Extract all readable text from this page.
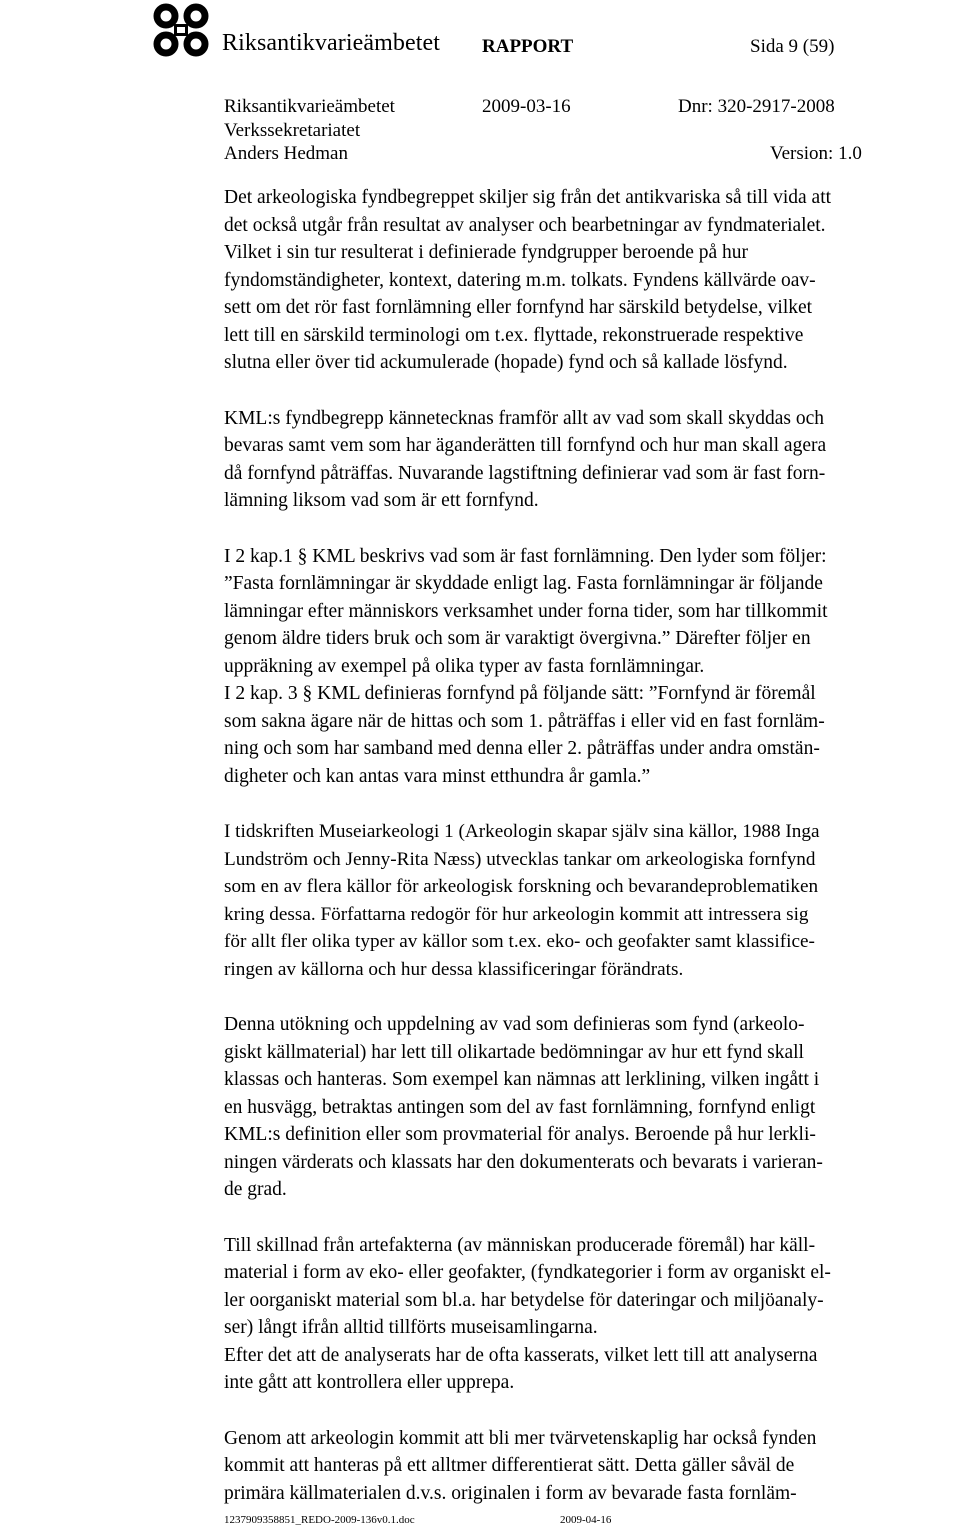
Riksantikvarieämbetet RAPPORT	Sida 9 (59)
Riksantikvarieämbetet	2009-03-16	Dnr: 320-2917-2008
Verkssekretariatet
Anders Hedman	Version: 1.0
Det arkeologiska fyndbegreppet skiljer sig från det antikvariska så till vida att
det också utgår från resultat av analyser och bearbetningar av fyndmaterialet.
Vilket i sin tur resulterat i definierade fyndgrupper beroende på hur
fyndomständigheter, kontext, datering m.m. tolkats. Fyndens källvärde oav-
sett om det rör fast fornlämning eller fornfynd har särskild betydelse, vilket
lett till en särskild terminologi om t.ex. flyttade, rekonstruerade respektive
slutna eller över tid ackumulerade (hopade) fynd och så kallade lösfynd.
KML:s fyndbegrepp kännetecknas framför allt av vad som skall skyddas och
bevaras samt vem som har äganderätten till fornfynd och hur man skall agera
då fornfynd påträffas. Nuvarande lagstiftning definierar vad som är fast forn-
lämning liksom vad som är ett fornfynd.
I 2 kap.1 § KML beskrivs vad som är fast fornlämning. Den lyder som följer:
”Fasta fornlämningar är skyddade enligt lag. Fasta fornlämningar är följande
lämningar efter människors verksamhet under forna tider, som har tillkommit
genom äldre tiders bruk och som är varaktigt övergivna.” Därefter följer en
uppräkning av exempel på olika typer av fasta fornlämningar.
I 2 kap. 3 § KML definieras fornfynd på följande sätt: ”Fornfynd är föremål
som sakna ägare när de hittas och som 1. påträffas i eller vid en fast fornläm-
ning och som har samband med denna eller 2. påträffas under andra omstän-
digheter och kan antas vara minst etthundra år gamla.”
I tidskriften Museiarkeologi 1 (Arkeologin skapar själv sina källor, 1988 Inga
Lundström och Jenny-Rita Næss) utvecklas tankar om arkeologiska fornfynd
som en av flera källor för arkeologisk forskning och bevarandeproblematiken
kring dessa. Författarna redogör för hur arkeologin kommit att intressera sig
för allt fler olika typer av källor som t.ex. eko- och geofakter samt klassifice-
ringen av källorna och hur dessa klassificeringar förändrats.
Denna utökning och uppdelning av vad som definieras som fynd (arkeolo-
giskt källmaterial) har lett till olikartade bedömningar av hur ett fynd skall
klassas och hanteras. Som exempel kan nämnas att lerklining, vilken ingått i
en husvägg, betraktas antingen som del av fast fornlämning, fornfynd enligt
KML:s definition eller som provmaterial för analys. Beroende på hur lerkli-
ningen värderats och klassats har den dokumenterats och bevarats i varieran-
de grad.
Till skillnad från artefakterna (av människan producerade föremål) har käll-
material i form av eko- eller geofakter, (fyndkategorier i form av organiskt el-
ler oorganiskt material som bl.a. har betydelse för dateringar och miljöanaly-
ser) långt ifrån alltid tillförts museisamlingarna.
Efter det att de analyserats har de ofta kasserats, vilket lett till att analyserna
inte gått att kontrollera eller upprepa.
Genom att arkeologin kommit att bli mer tvärvetenskaplig har också fynden
kommit att hanteras på ett alltmer differentierat sätt. Detta gäller såväl de
primära källmaterialen d.v.s. originalen i form av bevarade fasta fornläm-
1237909358851_REDO-2009-136v0.1.doc	2009-04-16
